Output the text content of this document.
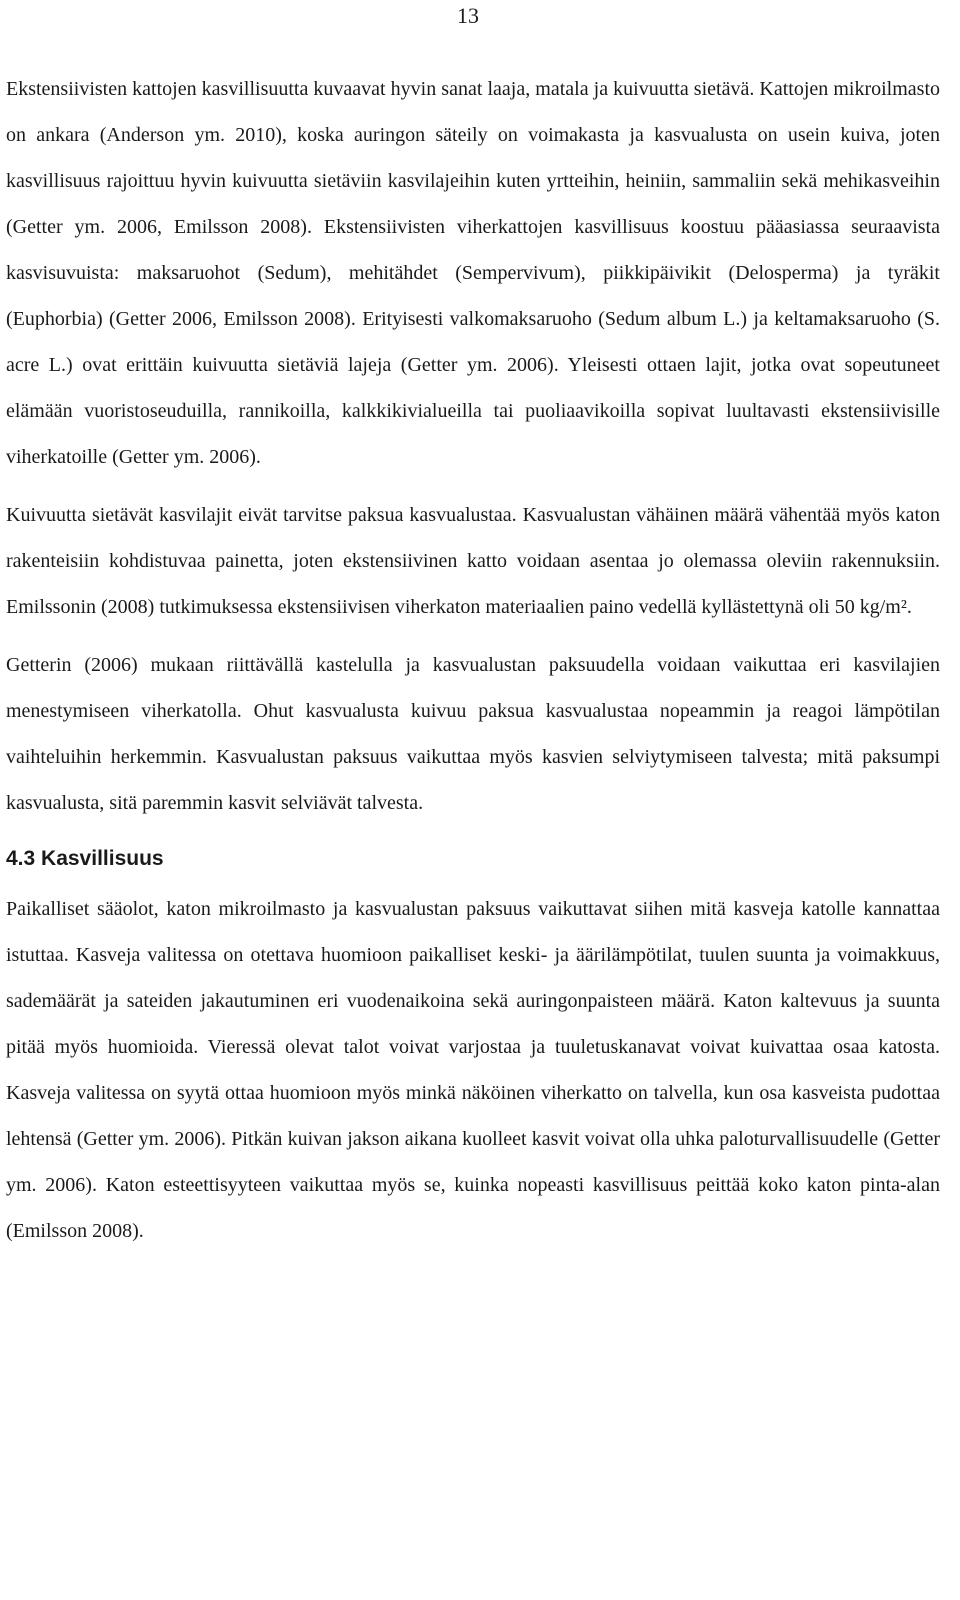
13

Ekstensiivisten kattojen kasvillisuutta kuvaavat hyvin sanat laaja, matala ja kuivuutta sietävä. Kattojen mikroilmasto on ankara (Anderson ym. 2010), koska auringon säteily on voimakasta ja kasvualusta on usein kuiva, joten kasvillisuus rajoittuu hyvin kuivuutta sietäviin kasvilajeihin kuten yrtteihin, heiniin, sammaliin sekä mehikasveihin (Getter ym. 2006, Emilsson 2008). Ekstensiivisten viherkattojen kasvillisuus koostuu pääasiassa seuraavista kasvisuvuista: maksaruohot (Sedum), mehitähdet (Sempervivum), piikkipäivikit (Delosperma) ja tyräkit (Euphorbia) (Getter 2006, Emilsson 2008). Erityisesti valkomaksaruoho (Sedum album L.) ja keltamaksaruoho (S. acre L.) ovat erittäin kuivuutta sietäviä lajeja (Getter ym. 2006). Yleisesti ottaen lajit, jotka ovat sopeutuneet elämään vuoristoseuduilla, rannikoilla, kalkkikivialueilla tai puoliaavikoilla sopivat luultavasti ekstensiivisille viherkatoille (Getter ym. 2006).

Kuivuutta sietävät kasvilajit eivät tarvitse paksua kasvualustaa. Kasvualustan vähäinen määrä vähentää myös katon rakenteisiin kohdistuvaa painetta, joten ekstensiivinen katto voidaan asentaa jo olemassa oleviin rakennuksiin. Emilssonin (2008) tutkimuksessa ekstensiivisen viherkaton materiaalien paino vedellä kyllästettynä oli 50 kg/m².

Getterin (2006) mukaan riittävällä kastelulla ja kasvualustan paksuudella voidaan vaikuttaa eri kasvilajien menestymiseen viherkatolla. Ohut kasvualusta kuivuu paksua kasvualustaa nopeammin ja reagoi lämpötilan vaihteluihin herkemmin. Kasvualustan paksuus vaikuttaa myös kasvien selviytymiseen talvesta; mitä paksumpi kasvualusta, sitä paremmin kasvit selviävät talvesta.

4.3 Kasvillisuus

Paikalliset sääolot, katon mikroilmasto ja kasvualustan paksuus vaikuttavat siihen mitä kasveja katolle kannattaa istuttaa. Kasveja valitessa on otettava huomioon paikalliset keski- ja äärilämpötilat, tuulen suunta ja voimakkuus, sademäärät ja sateiden jakautuminen eri vuodenaikoina sekä auringonpaisteen määrä. Katon kaltevuus ja suunta pitää myös huomioida. Vieressä olevat talot voivat varjostaa ja tuuletuskanavat voivat kuivattaa osaa katosta. Kasveja valitessa on syytä ottaa huomioon myös minkä näköinen viherkatto on talvella, kun osa kasveista pudottaa lehtensä (Getter ym. 2006). Pitkän kuivan jakson aikana kuolleet kasvit voivat olla uhka paloturvallisuudelle (Getter ym. 2006). Katon esteettisyyteen vaikuttaa myös se, kuinka nopeasti kasvillisuus peittää koko katon pinta-alan (Emilsson 2008).
